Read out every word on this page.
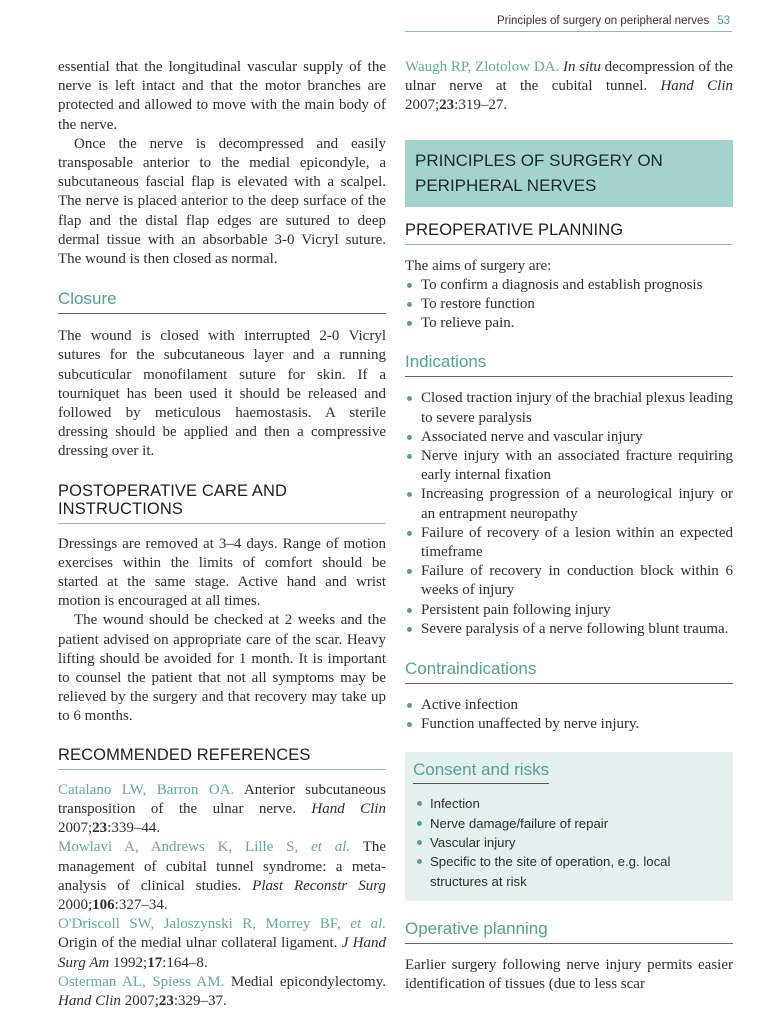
Principles of surgery on peripheral nerves 53

essential that the longitudinal vascular supply of the nerve is left intact and that the motor branches are protected and allowed to move with the main body of the nerve.

Once the nerve is decompressed and easily transposable anterior to the medial epicondyle, a subcutaneous fascial flap is elevated with a scalpel. The nerve is placed anterior to the deep surface of the flap and the distal flap edges are sutured to deep dermal tissue with an absorbable 3-0 Vicryl suture. The wound is then closed as normal.

Closure

The wound is closed with interrupted 2-0 Vicryl sutures for the subcutaneous layer and a running subcuticular monofilament suture for skin. If a tourniquet has been used it should be released and followed by meticulous haemostasis. A sterile dressing should be applied and then a compressive dressing over it.

POSTOPERATIVE CARE AND
INSTRUCTIONS

Dressings are removed at 3–4 days. Range of motion exercises within the limits of comfort should be started at the same stage. Active hand and wrist motion is encouraged at all times.

The wound should be checked at 2 weeks and the patient advised on appropriate care of the scar. Heavy lifting should be avoided for 1 month. It is important to counsel the patient that not all symptoms may be relieved by the surgery and that recovery may take up to 6 months.

RECOMMENDED REFERENCES
Catalano LW, Barron OA. Anterior subcutaneous transposition of the ulnar nerve. Hand Clin 2007;23:339–44.
Mowlavi A, Andrews K, Lille S, et al. The management of cubital tunnel syndrome: a meta-analysis of clinical studies. Plast Reconstr Surg 2000;106:327–34.
O'Driscoll SW, Jaloszynski R, Morrey BF, et al. Origin of the medial ulnar collateral ligament. J Hand Surg Am 1992;17:164–8.
Osterman AL, Spiess AM. Medial epicondylectomy. Hand Clin 2007;23:329–37.
Waugh RP, Zlotolow DA. In situ decompression of the ulnar nerve at the cubital tunnel. Hand Clin 2007;23:319–27.
PRINCIPLES OF SURGERY ON
PERIPHERAL NERVES
PREOPERATIVE PLANNING

The aims of surgery are:

To confirm a diagnosis and establish prognosis
To restore function
To relieve pain.
Indications
Closed traction injury of the brachial plexus leading to severe paralysis
Associated nerve and vascular injury
Nerve injury with an associated fracture requiring early internal fixation
Increasing progression of a neurological injury or an entrapment neuropathy
Failure of recovery of a lesion within an expected timeframe
Failure of recovery in conduction block within 6 weeks of injury
Persistent pain following injury
Severe paralysis of a nerve following blunt trauma.
Contraindications
Active infection
Function unaffected by nerve injury.
Consent and risks
Infection
Nerve damage/failure of repair
Vascular injury
Specific to the site of operation, e.g. local structures at risk
Operative planning

Earlier surgery following nerve injury permits easier identification of tissues (due to less scar
